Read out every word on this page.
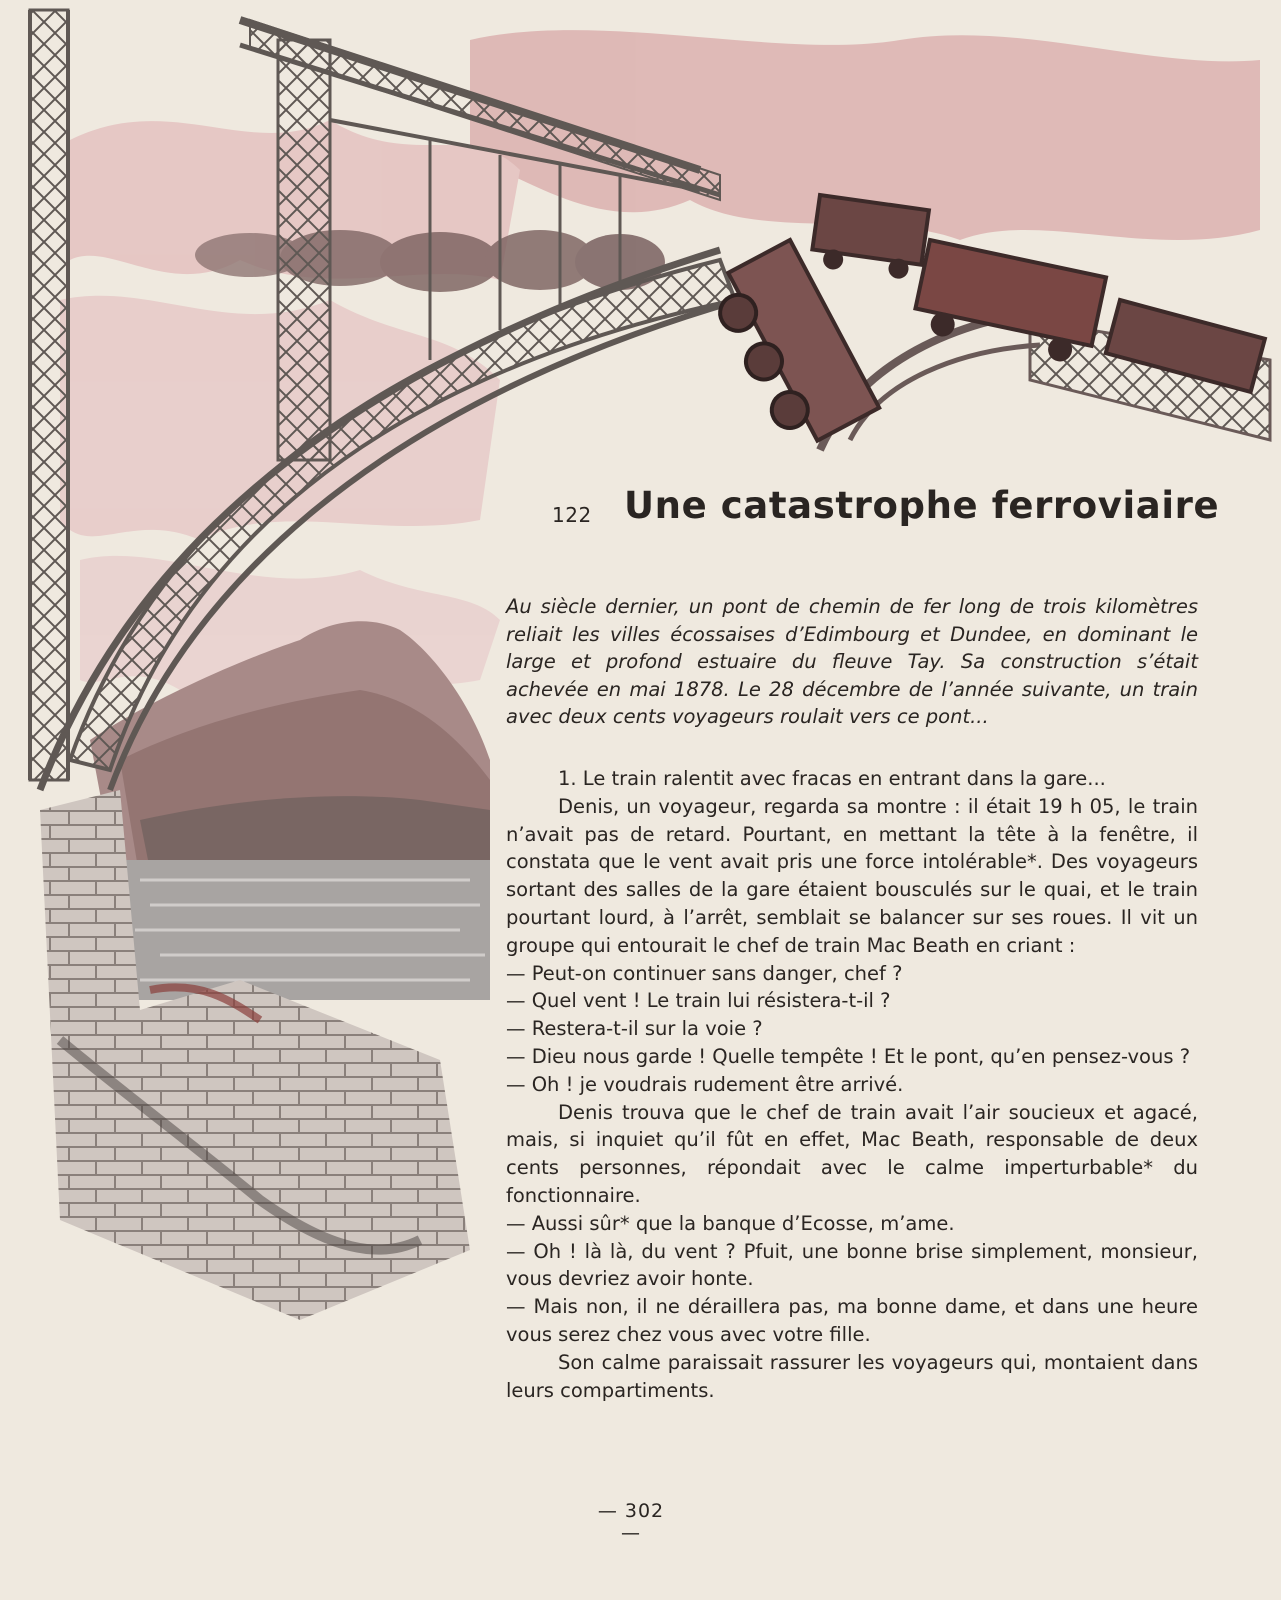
122 Une catastrophe ferroviaire

Au siècle dernier, un pont de chemin de fer long de trois kilomètres reliait les villes écossaises d’Edimbourg et Dundee, en dominant le large et profond estuaire du fleuve Tay. Sa construction s’était achevée en mai 1878. Le 28 décembre de l’année suivante, un train avec deux cents voyageurs roulait vers ce pont...

1. Le train ralentit avec fracas en entrant dans la gare...

Denis, un voyageur, regarda sa montre : il était 19 h 05, le train n’avait pas de retard. Pourtant, en mettant la tête à la fenêtre, il constata que le vent avait pris une force intolérable*. Des voyageurs sortant des salles de la gare étaient bousculés sur le quai, et le train pourtant lourd, à l’arrêt, semblait se balancer sur ses roues. Il vit un groupe qui entourait le chef de train Mac Beath en criant :

— Peut-on continuer sans danger, chef ?

— Quel vent ! Le train lui résistera-t-il ?

— Restera-t-il sur la voie ?

— Dieu nous garde ! Quelle tempête ! Et le pont, qu’en pensez-vous ?

— Oh ! je voudrais rudement être arrivé.

Denis trouva que le chef de train avait l’air soucieux et agacé, mais, si inquiet qu’il fût en effet, Mac Beath, responsable de deux cents personnes, répondait avec le calme imperturbable* du fonctionnaire.

— Aussi sûr* que la banque d’Ecosse, m’ame.

— Oh ! là là, du vent ? Pfuit, une bonne brise simplement, monsieur, vous devriez avoir honte.

— Mais non, il ne déraillera pas, ma bonne dame, et dans une heure vous serez chez vous avec votre fille.

Son calme paraissait rassurer les voyageurs qui, montaient dans leurs compartiments.

— 302 —
